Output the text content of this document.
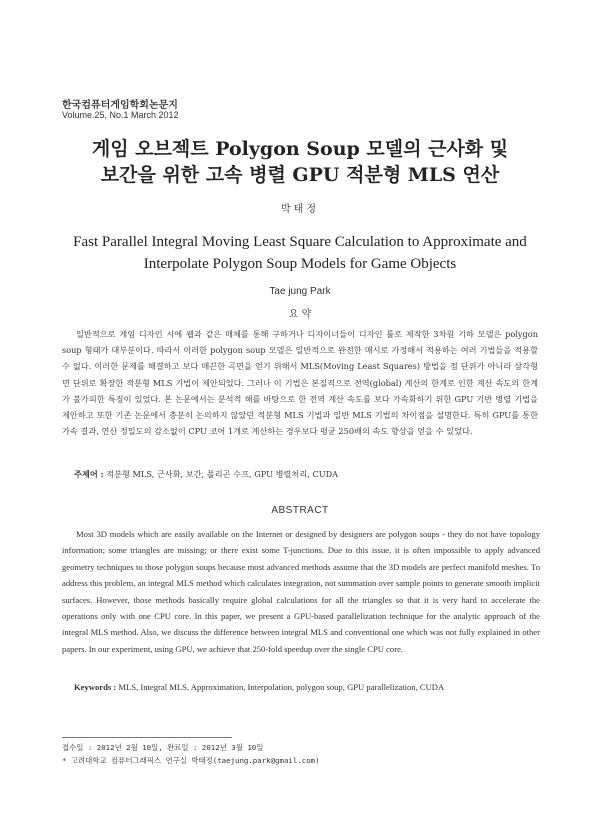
한국컴퓨터게임학회논문지
Volume.25, No.1 March 2012
게임 오브젝트 Polygon Soup 모델의 근사화 및
보간을 위한 고속 병렬 GPU 적분형 MLS 연산
박태정
Fast Parallel Integral Moving Least Square Calculation to Approximate and
Interpolate Polygon Soup Models for Game Objects
Tae jung Park
요 약

일반적으로 게임 디자인 시에 웹과 같은 매체를 통해 구하거나 디자이너들이 디자인 툴로 제작한 3차원 기하 모델은 polygon soup 형태가 대부분이다. 따라서 이러한 polygon soup 모델은 일반적으로 완전한 매시로 가정해서 적용하는 여러 기법들을 적용할 수 없다. 이러한 문제를 해결하고 보다 매끈한 곡면을 얻기 위해서 MLS(Moving Least Squares) 방법을 점 단위가 아니라 삼각형 면 단위로 확장한 적분형 MLS 기법이 제안되었다. 그러나 이 기법은 본질적으로 전역(global) 계산의 한계로 인한 계산 속도의 한계가 불가피한 특징이 있었다. 본 논문에서는 분석적 해를 바탕으로 한 전역 계산 속도를 보다 가속화하기 위한 GPU 기반 병렬 기법을 제안하고 또한 기존 논문에서 충분히 논의하지 않았던 적분형 MLS 기법과 일반 MLS 기법의 차이점을 설명한다. 특히 GPU를 통한 가속 결과, 연산 정밀도의 감소없이 CPU 코어 1개로 계산하는 경우보다 평균 250배의 속도 향상을 얻을 수 있었다.

주제어 : 적분형 MLS, 근사화, 보간, 폴리곤 수프, GPU 병렬처리, CUDA
ABSTRACT

Most 3D models which are easily available on the Internet or designed by designers are polygon soups - they do not have topology information; some triangles are missing; or there exist some T-junctions. Due to this issue, it is often impossible to apply advanced geometry techniques to those polygon soups because most advanced methods assume that the 3D models are perfect manifold meshes. To address this problem, an integral MLS method which calculates integration, not summation over sample points to generate smooth implicit surfaces. However, those methods basically require global calculations for all the triangles so that it is very hard to accelerate the operations only with one CPU core. In this paper, we present a GPU-based parallelization technique for the analytic approach of the integral MLS method. Also, we discuss the difference between integral MLS and conventional one which was not fully explained in other papers. In our experiment, using GPU, we achieve that 250-fold speedup over the single CPU core.

Keywords : MLS, Integral MLS, Approximation, Interpolation, polygon soup, GPU parallelization, CUDA
접수일 : 2012년 2월 10일, 완료일 : 2012년 3월 10일
* 고려대학교 컴퓨터그래픽스 연구실 박태정(taejung.park@gmail.com)
